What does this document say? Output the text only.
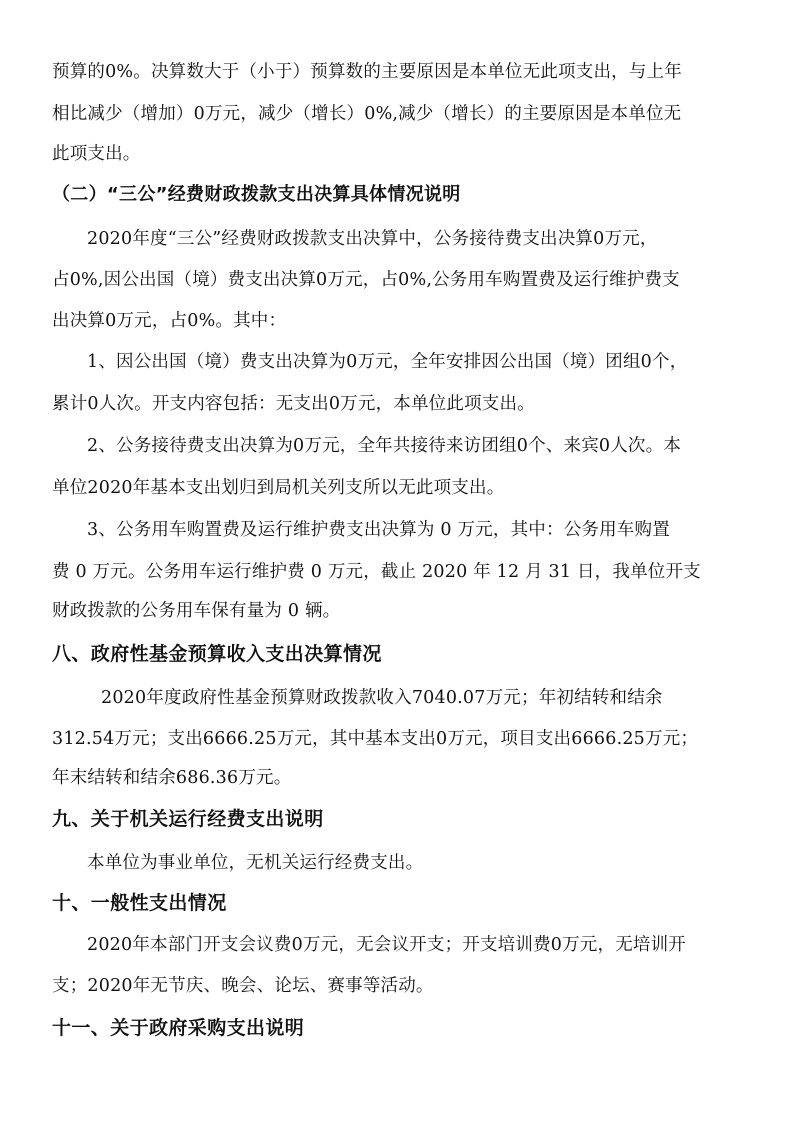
预算的0%。决算数大于（小于）预算数的主要原因是本单位无此项支出，与上年
相比减少（增加）0万元，减少（增长）0%,减少（增长）的主要原因是本单位无
此项支出。
（二）“三公”经费财政拨款支出决算具体情况说明
2020年度“三公”经费财政拨款支出决算中，公务接待费支出决算0万元，
占0%,因公出国（境）费支出决算0万元，占0%,公务用车购置费及运行维护费支
出决算0万元，占0%。其中：
1、因公出国（境）费支出决算为0万元，全年安排因公出国（境）团组0个，
累计0人次。开支内容包括：无支出0万元，本单位此项支出。
2、公务接待费支出决算为0万元，全年共接待来访团组0个、来宾0人次。本
单位2020年基本支出划归到局机关列支所以无此项支出。
3、公务用车购置费及运行维护费支出决算为 0 万元，其中：公务用车购置
费 0 万元。公务用车运行维护费 0 万元，截止 2020 年 12 月 31 日，我单位开支
财政拨款的公务用车保有量为 0 辆。
八、政府性基金预算收入支出决算情况
2020年度政府性基金预算财政拨款收入7040.07万元；年初结转和结余
312.54万元；支出6666.25万元，其中基本支出0万元，项目支出6666.25万元；
年末结转和结余686.36万元。
九、关于机关运行经费支出说明
本单位为事业单位，无机关运行经费支出。
十、一般性支出情况
2020年本部门开支会议费0万元，无会议开支；开支培训费0万元，无培训开
支；2020年无节庆、晚会、论坛、赛事等活动。
十一、关于政府采购支出说明
